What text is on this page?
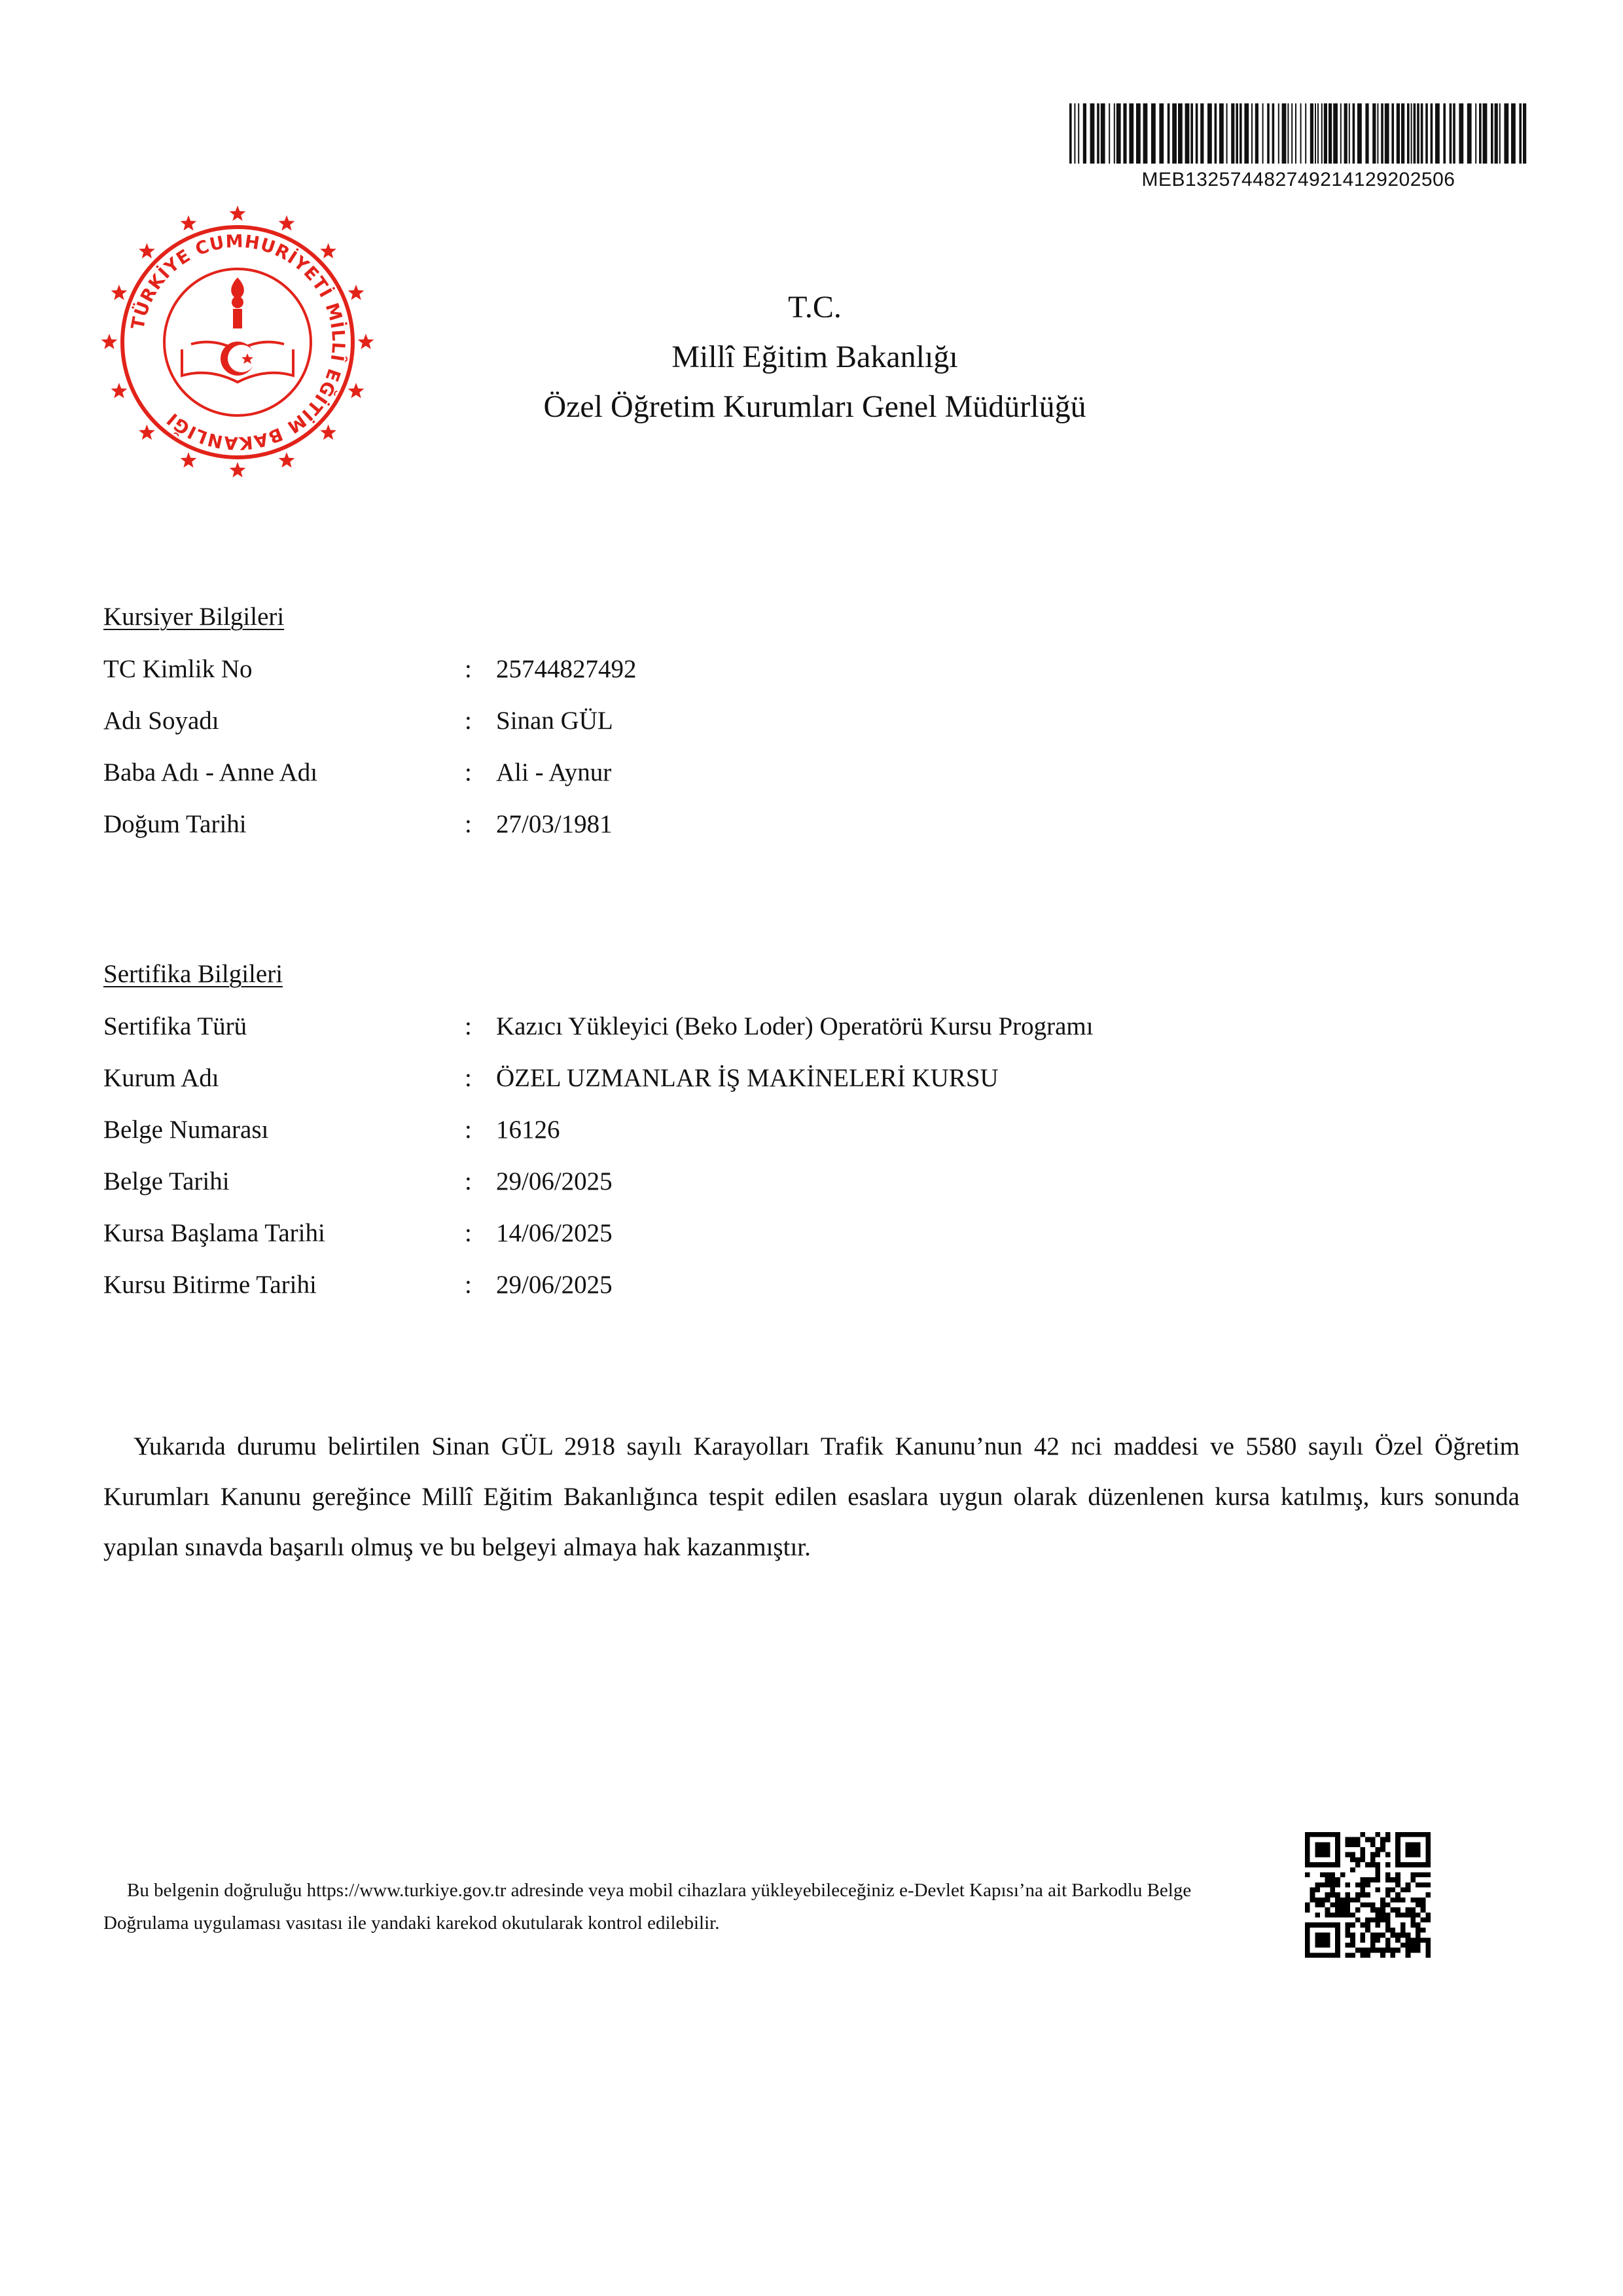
MEB13257448274921412920250​6
TÜRKİYE CUMHURİYETİ MİLLÎ EĞİTİM BAKANLIĞI
T.C.
Millî Eğitim Bakanlığı
Özel Öğretim Kurumları Genel Müdürlüğü
Kursiyer Bilgileri
TC Kimlik No	: 25744827492
Adı Soyadı	: Sinan GÜL
Baba Adı - Anne Adı	: Ali - Aynur
Doğum Tarihi	: 27/03/1981
Sertifika Bilgileri
Sertifika Türü	: Kazıcı Yükleyici (Beko Loder) Operatörü Kursu Programı
Kurum Adı	: ÖZEL UZMANLAR İŞ MAKİNELERİ KURSU
Belge Numarası	: 16126
Belge Tarihi	: 29/06/2025
Kursa Başlama Tarihi	: 14/06/2025
Kursu Bitirme Tarihi	: 29/06/2025
Yukarıda durumu belirtilen Sinan GÜL 2918 sayılı Karayolları Trafik Kanunu’nun 42 nci maddesi ve 5580 sayılı Özel Öğretim Kurumları Kanunu gereğince Millî Eğitim Bakanlığınca tespit edilen esaslara uygun olarak düzenlenen kursa katılmış, kurs sonunda yapılan sınavda başarılı olmuş ve bu belgeyi almaya hak kazanmıştır.
Bu belgenin doğruluğu https://www.turkiye.gov.tr adresinde veya mobil cihazlara yükleyebileceğiniz e-Devlet Kapısı’na ait Barkodlu Belge Doğrulama uygulaması vasıtası ile yandaki karekod okutularak kontrol edilebilir.
